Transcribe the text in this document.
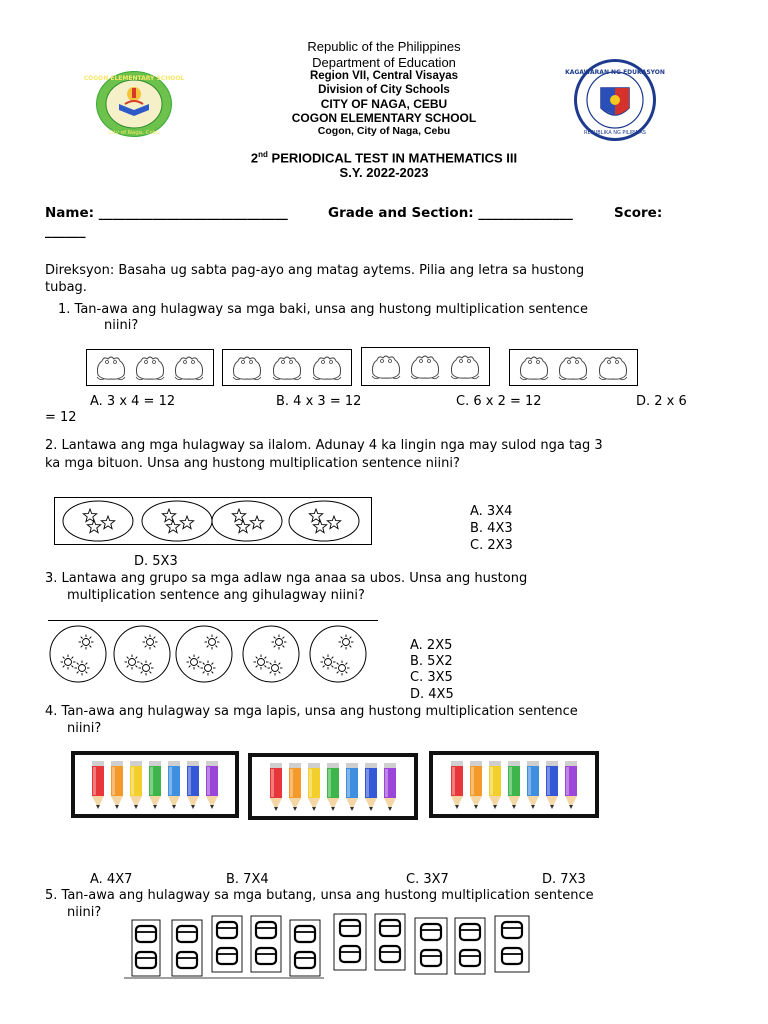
COGON ELEMENTARY SCHOOL
City of Naga, Cebu
KAGAWARAN NG EDUKASYON
REPUBLIKA NG PILIPINAS
Republic of the Philippines
Department of Education
Region VII, Central Visayas
Division of City Schools
CITY OF NAGA, CEBU
COGON ELEMENTARY SCHOOL
Cogon, City of Naga, Cebu
2nd PERIODICAL TEST IN MATHEMATICS III
S.Y. 2022-2023
Name: ____________________________	Grade and Section: ______________	Score:
______
Direksyon: Basaha ug sabta pag-ayo ang matag aytems. Pilia ang letra sa hustong
tubag.
1. Tan-awa ang hulagway sa mga baki, unsa ang hustong multiplication sentence
niini?
A. 3 x 4 = 12	B. 4 x 3 = 12	C. 6 x 2 = 12	D. 2 x 6
= 12
2. Lantawa ang mga hulagway sa ilalom. Adunay 4 ka lingin nga may sulod nga tag 3
ka mga bituon. Unsa ang hustong multiplication sentence niini?
A. 3X4
B. 4X3
C. 2X3
D. 5X3
3. Lantawa ang grupo sa mga adlaw nga anaa sa ubos. Unsa ang hustong
multiplication sentence ang gihulagway niini?
A. 2X5
B. 5X2
C. 3X5
D. 4X5
4. Tan-awa ang hulagway sa mga lapis, unsa ang hustong multiplication sentence
niini?
A. 4X7	B. 7X4	C. 3X7	D. 7X3
5. Tan-awa ang hulagway sa mga butang, unsa ang hustong multiplication sentence
niini?
